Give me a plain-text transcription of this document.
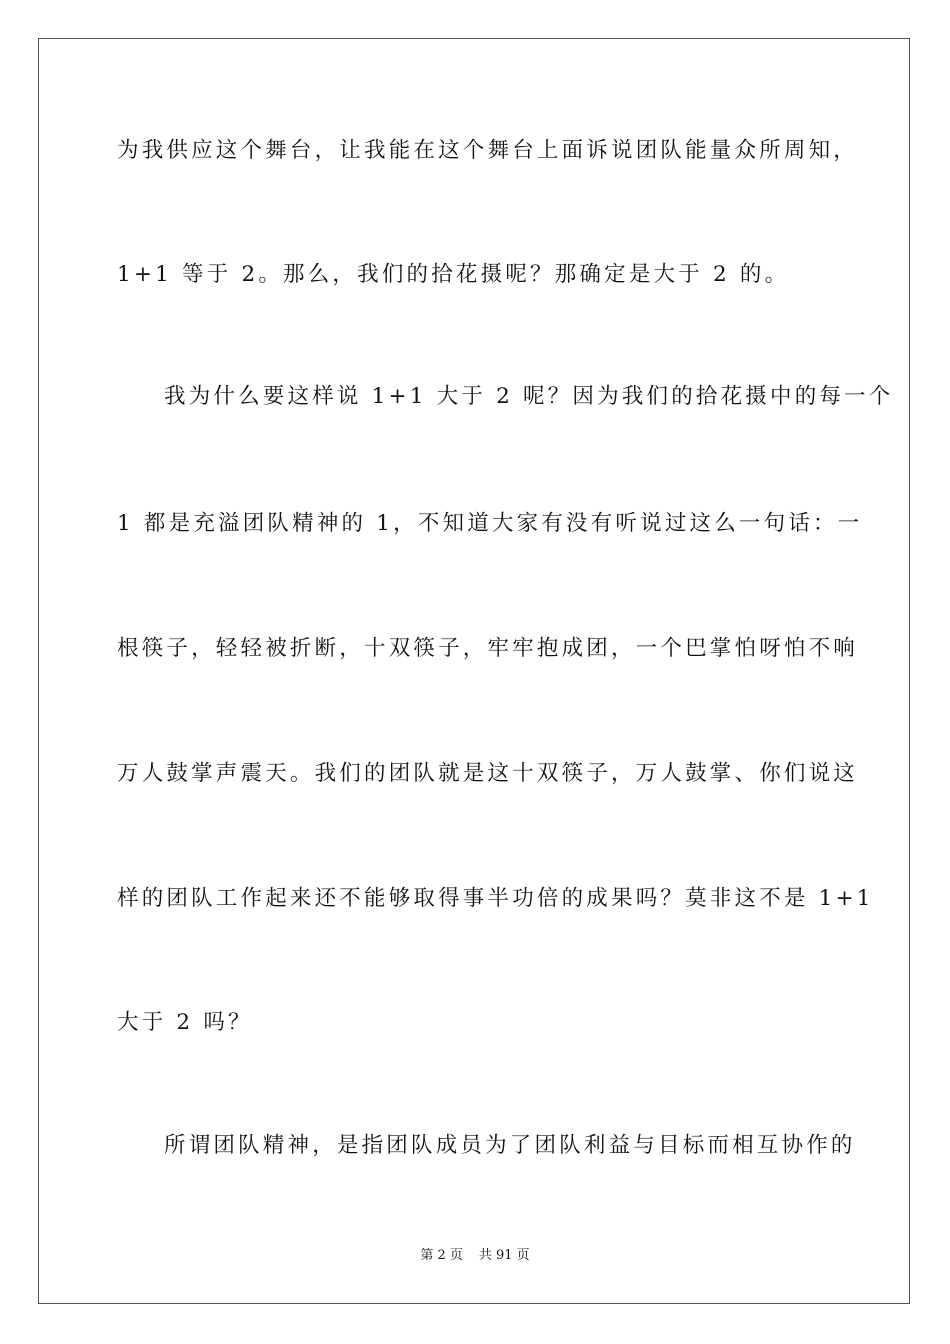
为我供应这个舞台，让我能在这个舞台上面诉说团队能量众所周知，
1+1 等于 2。那么，我们的拾花摄呢？那确定是大于 2 的。
我为什么要这样说 1+1 大于 2 呢？因为我们的拾花摄中的每一个
1 都是充溢团队精神的 1，不知道大家有没有听说过这么一句话：一
根筷子，轻轻被折断，十双筷子，牢牢抱成团，一个巴掌怕呀怕不响
万人鼓掌声震天。我们的团队就是这十双筷子，万人鼓掌、你们说这
样的团队工作起来还不能够取得事半功倍的成果吗？莫非这不是 1+1
大于 2 吗？
所谓团队精神，是指团队成员为了团队利益与目标而相互协作的
第 2 页 共 91 页
